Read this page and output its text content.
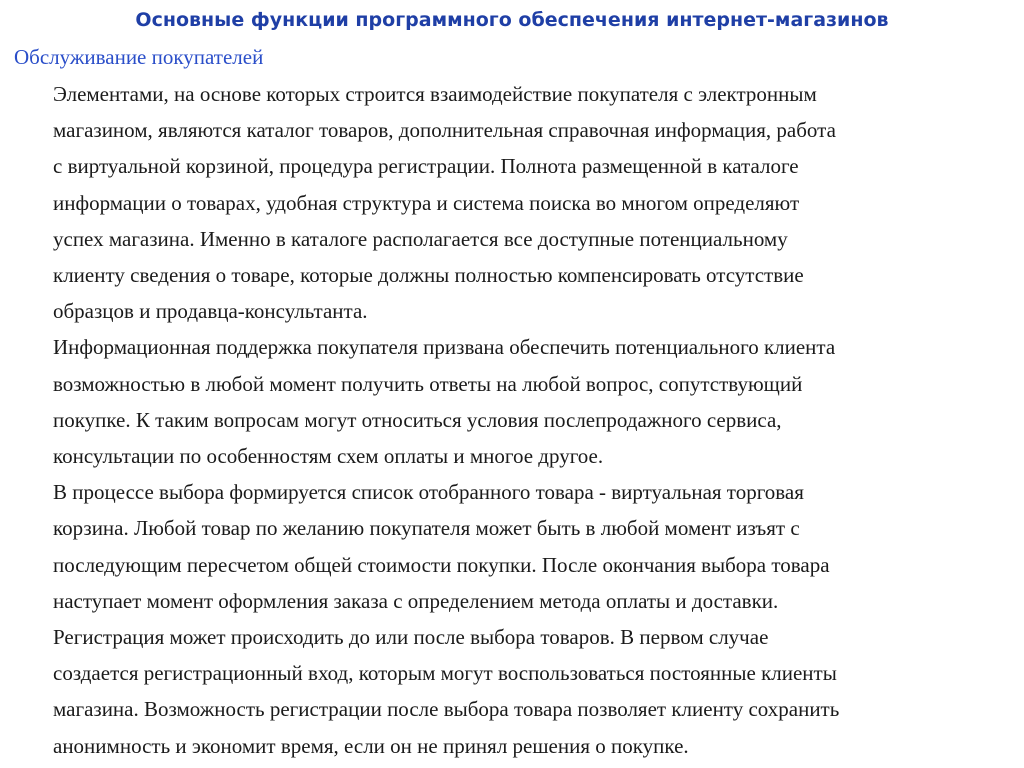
Основные функции программного обеспечения интернет-магазинов

Обслуживание покупателей

Элементами, на основе которых строится взаимодействие покупателя с электронным
магазином, являются каталог товаров, дополнительная справочная информация, работа
с виртуальной корзиной, процедура регистрации. Полнота размещенной в каталоге
информации о товарах, удобная структура и система поиска во многом определяют
успех магазина. Именно в каталоге располагается все доступные потенциальному
клиенту сведения о товаре, которые должны полностью компенсировать отсутствие
образцов и продавца-консультанта.
Информационная поддержка покупателя призвана обеспечить потенциального клиента
возможностью в любой момент получить ответы на любой вопрос, сопутствующий
покупке. К таким вопросам могут относиться условия послепродажного сервиса,
консультации по особенностям схем оплаты и многое другое.
В процессе выбора формируется список отобранного товара - виртуальная торговая
корзина. Любой товар по желанию покупателя может быть в любой момент изъят с
последующим пересчетом общей стоимости покупки. После окончания выбора товара
наступает момент оформления заказа с определением метода оплаты и доставки.
Регистрация может происходить до или после выбора товаров. В первом случае
создается регистрационный вход, которым могут воспользоваться постоянные клиенты
магазина. Возможность регистрации после выбора товара позволяет клиенту сохранить
анонимность и экономит время, если он не принял решения о покупке.
